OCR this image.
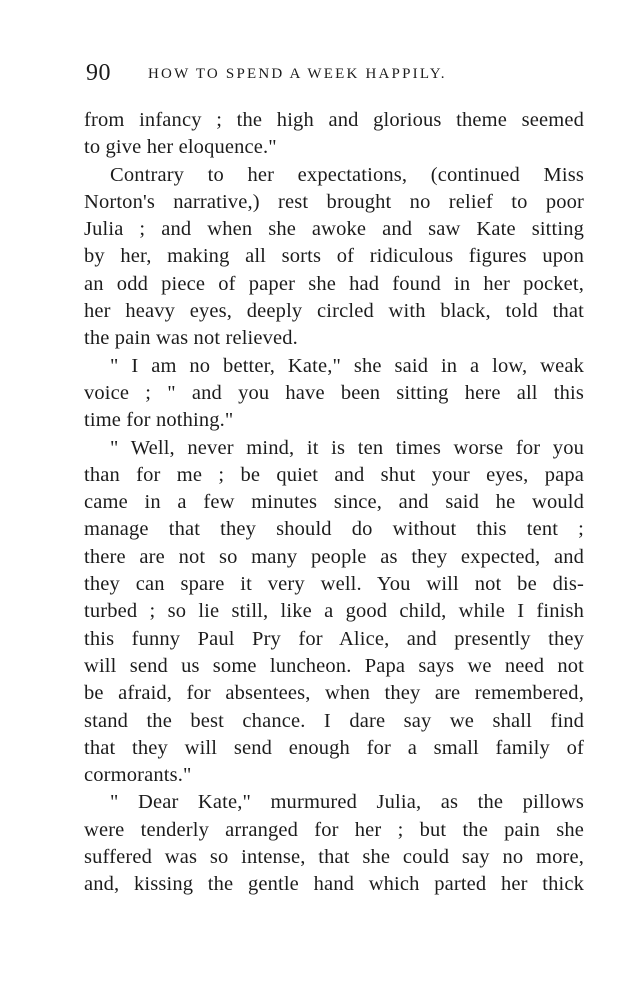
90 HOW TO SPEND A WEEK HAPPILY.
from infancy ; the high and glorious theme seemed
to give her eloquence."
Contrary to her expectations, (continued Miss
Norton's narrative,) rest brought no relief to poor
Julia ; and when she awoke and saw Kate sitting
by her, making all sorts of ridiculous figures upon
an odd piece of paper she had found in her pocket,
her heavy eyes, deeply circled with black, told that
the pain was not relieved.
" I am no better, Kate," she said in a low, weak
voice ; " and you have been sitting here all this
time for nothing."
" Well, never mind, it is ten times worse for you
than for me ; be quiet and shut your eyes, papa
came in a few minutes since, and said he would
manage that they should do without this tent ;
there are not so many people as they expected, and
they can spare it very well. You will not be dis-
turbed ; so lie still, like a good child, while I finish
this funny Paul Pry for Alice, and presently they
will send us some luncheon. Papa says we need not
be afraid, for absentees, when they are remembered,
stand the best chance. I dare say we shall find
that they will send enough for a small family of
cormorants."
" Dear Kate," murmured Julia, as the pillows
were tenderly arranged for her ; but the pain she
suffered was so intense, that she could say no more,
and, kissing the gentle hand which parted her thick
